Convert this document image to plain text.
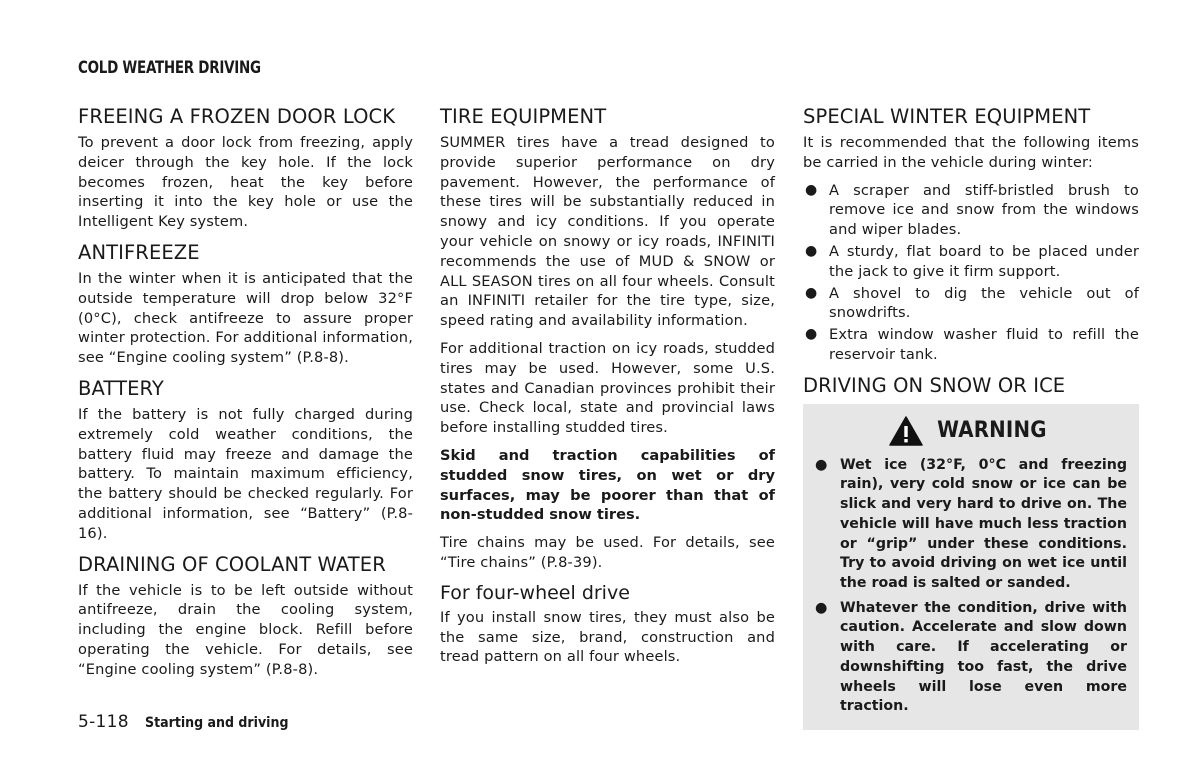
COLD WEATHER DRIVING
FREEING A FROZEN DOOR LOCK

To prevent a door lock from freezing, apply deicer through the key hole. If the lock becomes frozen, heat the key before inserting it into the key hole or use the Intelligent Key system.

ANTIFREEZE

In the winter when it is anticipated that the outside temperature will drop below 32°F (0°C), check antifreeze to assure proper winter protection. For additional information, see “Engine cooling system” (P.8-8).

BATTERY

If the battery is not fully charged during extremely cold weather conditions, the battery fluid may freeze and damage the battery. To maintain maximum efficiency, the battery should be checked regularly. For additional information, see “Battery” (P.8-16).

DRAINING OF COOLANT WATER

If the vehicle is to be left outside without antifreeze, drain the cooling system, including the engine block. Refill before operating the vehicle. For details, see “Engine cooling system” (P.8-8).

TIRE EQUIPMENT

SUMMER tires have a tread designed to provide superior performance on dry pavement. However, the performance of these tires will be substantially reduced in snowy and icy conditions. If you operate your vehicle on snowy or icy roads, INFINITI recommends the use of MUD & SNOW or ALL SEASON tires on all four wheels. Consult an INFINITI retailer for the tire type, size, speed rating and availability information.

For additional traction on icy roads, studded tires may be used. However, some U.S. states and Canadian provinces prohibit their use. Check local, state and provincial laws before installing studded tires.

Skid and traction capabilities of studded snow tires, on wet or dry surfaces, may be poorer than that of non-studded snow tires.

Tire chains may be used. For details, see “Tire chains” (P.8-39).

For four-wheel drive

If you install snow tires, they must also be the same size, brand, construction and tread pattern on all four wheels.

SPECIAL WINTER EQUIPMENT

It is recommended that the following items be carried in the vehicle during winter:

● A scraper and stiff-bristled brush to remove ice and snow from the windows and wiper blades.
● A sturdy, flat board to be placed under the jack to give it firm support.
● A shovel to dig the vehicle out of snowdrifts.
● Extra window washer fluid to refill the reservoir tank.
DRIVING ON SNOW OR ICE
WARNING
● Wet ice (32°F, 0°C and freezing rain), very cold snow or ice can be slick and very hard to drive on. The vehicle will have much less traction or “grip” under these conditions. Try to avoid driving on wet ice until the road is salted or sanded.
● Whatever the condition, drive with caution. Accelerate and slow down with care. If accelerating or downshifting too fast, the drive wheels will lose even more traction.
5-118 Starting and driving
